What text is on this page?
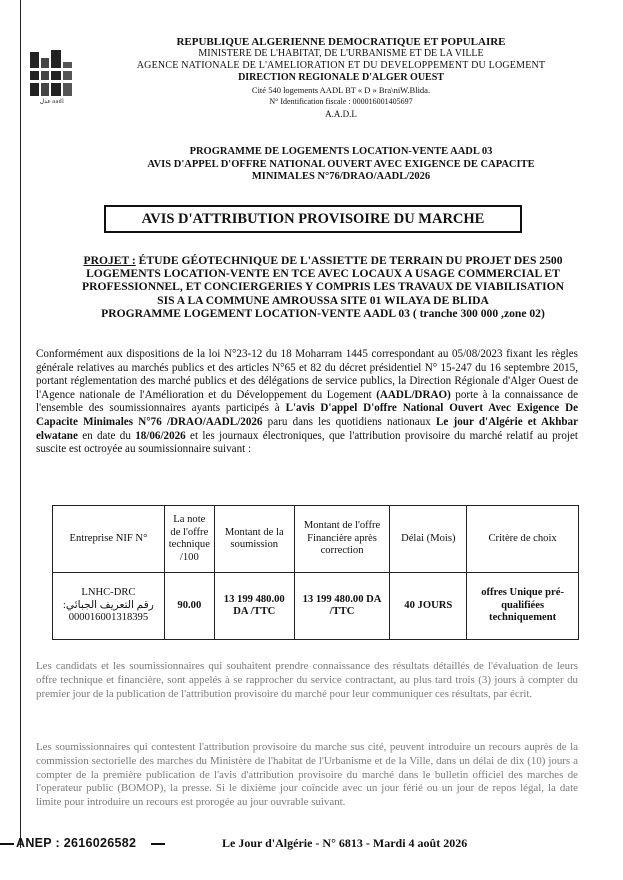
عدل aadl
REPUBLIQUE ALGERIENNE DEMOCRATIQUE ET POPULAIRE
MINISTERE DE L'HABITAT, DE L'URBANISME ET DE LA VILLE
AGENCE NATIONALE DE L'AMELIORATION ET DU DEVELOPPEMENT DU LOGEMENT
DIRECTION REGIONALE D'ALGER OUEST
Cité 540 logements AADL BT « D » Bra\niW.Blida.
N° Identification fiscale : 000016001405697
A.A.D.L
PROGRAMME DE LOGEMENTS LOCATION-VENTE AADL 03
AVIS D'APPEL D'OFFRE NATIONAL OUVERT AVEC EXIGENCE DE CAPACITE
MINIMALES N°76/DRAO/AADL/2026
AVIS D'ATTRIBUTION PROVISOIRE DU MARCHE
PROJET : ÉTUDE GÉOTECHNIQUE DE L'ASSIETTE DE TERRAIN DU PROJET DES 2500
LOGEMENTS LOCATION-VENTE EN TCE AVEC LOCAUX A USAGE COMMERCIAL ET
PROFESSIONNEL, ET CONCIERGERIES Y COMPRIS LES TRAVAUX DE VIABILISATION
SIS A LA COMMUNE AMROUSSA SITE 01 WILAYA DE BLIDA
PROGRAMME LOGEMENT LOCATION-VENTE AADL 03 ( tranche 300 000 ,zone 02)
Conformément aux dispositions de la loi N°23-12 du 18 Moharram 1445 correspondant au 05/08/2023 fixant les règles générale relatives au marchés publics et des articles N°65 et 82 du décret présidentiel N° 15-247 du 16 septembre 2015, portant réglementation des marché publics et des délégations de service publics, la Direction Régionale d'Alger Ouest de l'Agence nationale de l'Amélioration et du Développement du Logement (AADL/DRAO) porte à la connaissance de l'ensemble des soumissionnaires ayants participés à L'avis D'appel D'offre National Ouvert Avec Exigence De Capacite Minimales N°76 /DRAO/AADL/2026 paru dans les quotidiens nationaux Le jour d'Algérie et Akhbar elwatane en date du 18/06/2026 et les journaux électroniques, que l'attribution provisoire du marché relatif au projet suscite est octroyée au soumissionnaire suivant :
Entreprise NIF N°	La note de l'offre technique /100	Montant de la soumission	Montant de l'offre Financière après correction	Délai (Mois)	Critère de choix

LNHC-DRC
رقم التعريف الجبائي:
000016001318395	90.00	13 199 480.00 DA /TTC	13 199 480.00 DA /TTC	40 JOURS	offres Unique pré-qualifiées techniquement
Les candidats et les soumissionnaires qui souhaitent prendre connaissance des résultats détaillés de l'évaluation de leurs offre technique et financière, sont appelés à se rapprocher du service contractant, au plus tard trois (3) jours à compter du premier jour de la publication de l'attribution provisoire du marché pour leur communiquer ces résultats, par écrit.
Les soumissionnaires qui contestent l'attribution provisoire du marche sus cité, peuvent introduire un recours auprès de la commission sectorielle des marches du Ministère de l'habitat de l'Urbanisme et de la Ville, dans un délai de dix (10) jours a compter de la première publication de l'avis d'attribution provisoire du marché dans le bulletin officiel des marches de l'operateur public (BOMOP), la presse. Si le dixième jour coïncide avec un jour férié ou un jour de repos légal, la date limite pour introduire un recours est prorogée au jour ouvrable suivant.
ANEP : 2616026582	Le Jour d'Algérie - N° 6813 - Mardi 4 août 2026
